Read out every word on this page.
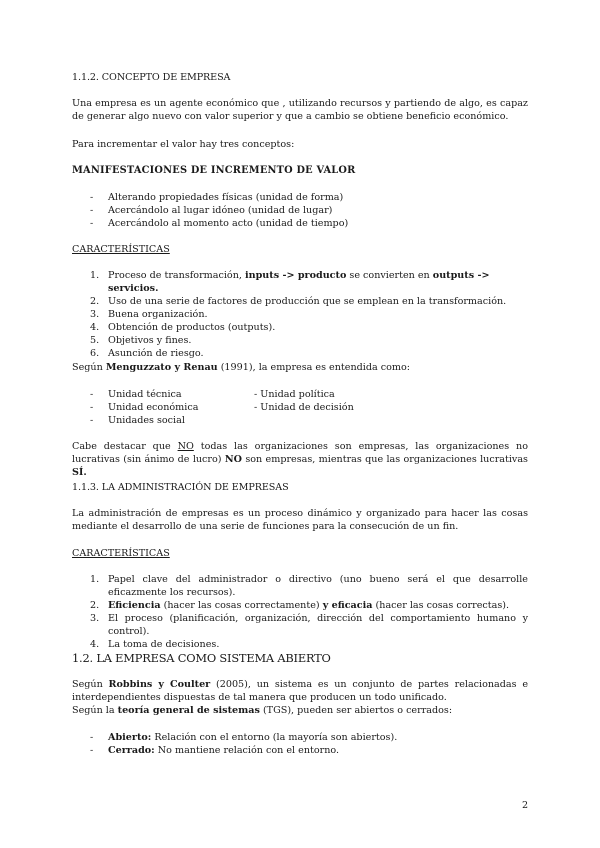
1.1.2. CONCEPTO DE EMPRESA
Una empresa es un agente económico que , utilizando recursos y partiendo de algo, es capaz de generar algo nuevo con valor superior y que a cambio se obtiene beneficio económico.
Para incrementar el valor hay tres conceptos:
MANIFESTACIONES DE INCREMENTO DE VALOR
- Alterando propiedades físicas (unidad de forma)
- Acercándolo al lugar idóneo (unidad de lugar)
- Acercándolo al momento acto (unidad de tiempo)
CARACTERÍSTICAS
1. Proceso de transformación, inputs -> producto se convierten en outputs -> servicios.
2. Uso de una serie de factores de producción que se emplean en la transformación.
3. Buena organización.
4. Obtención de productos (outputs).
5. Objetivos y fines.
6. Asunción de riesgo.
Según Menguzzato y Renau (1991), la empresa es entendida como:
- Unidad técnica
- Unidad económica
- Unidades social
- Unidad política
- Unidad de decisión
Cabe destacar que NO todas las organizaciones son empresas, las organizaciones no lucrativas (sin ánimo de lucro) NO son empresas, mientras que las organizaciones lucrativas SÍ.
1.1.3. LA ADMINISTRACIÓN DE EMPRESAS
La administración de empresas es un proceso dinámico y organizado para hacer las cosas mediante el desarrollo de una serie de funciones para la consecución de un fin.
CARACTERÍSTICAS
1. Papel clave del administrador o directivo (uno bueno será el que desarrolle eficazmente los recursos).
2. Eficiencia (hacer las cosas correctamente) y eficacia (hacer las cosas correctas).
3. El proceso (planificación, organización, dirección del comportamiento humano y control).
4. La toma de decisiones.
1.2. LA EMPRESA COMO SISTEMA ABIERTO
Según Robbins y Coulter (2005), un sistema es un conjunto de partes relacionadas e interdependientes dispuestas de tal manera que producen un todo unificado.
Según la teoría general de sistemas (TGS), pueden ser abiertos o cerrados:
- Abierto: Relación con el entorno (la mayoría son abiertos).
- Cerrado: No mantiene relación con el entorno.
2
